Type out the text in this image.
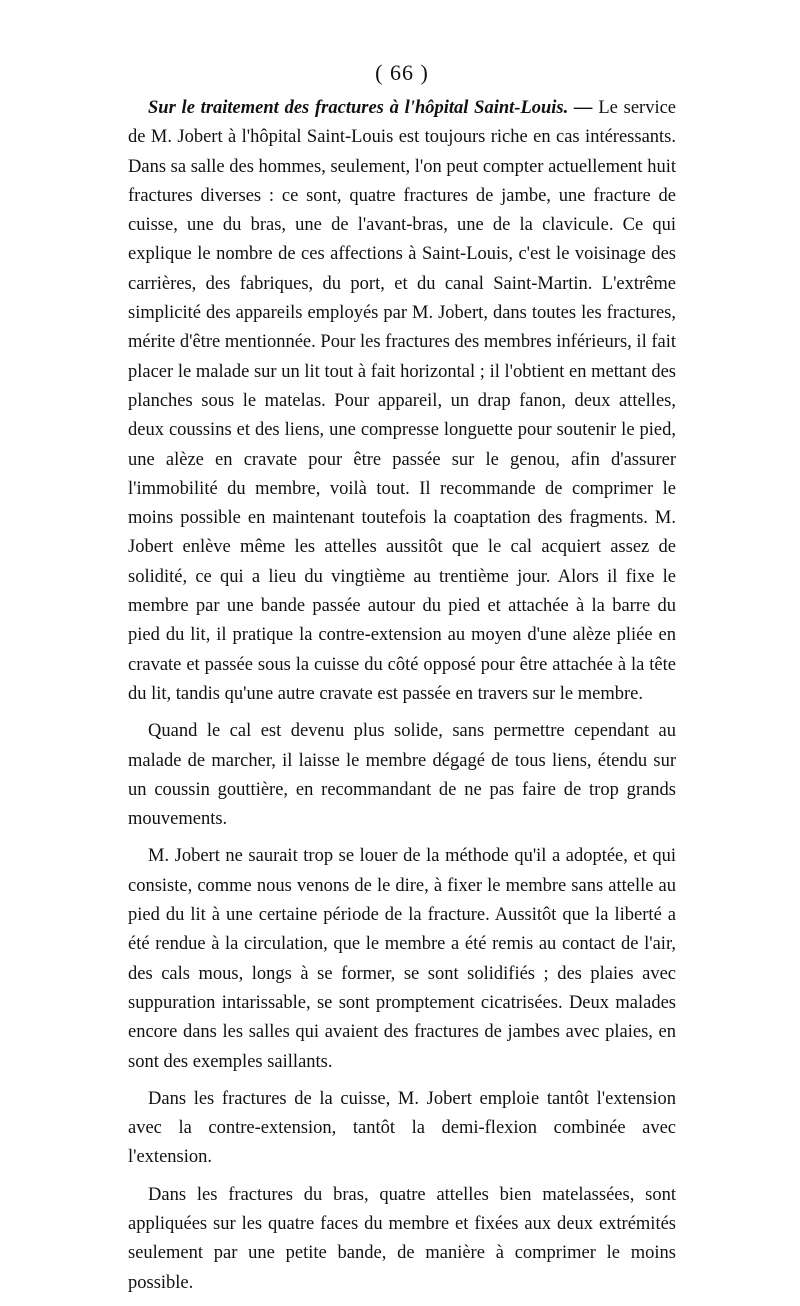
( 66 )

Sur le traitement des fractures à l'hôpital Saint-Louis. — Le service de M. Jobert à l'hôpital Saint-Louis est toujours riche en cas intéressants. Dans sa salle des hommes, seulement, l'on peut compter actuellement huit fractures diverses : ce sont, quatre fractures de jambe, une fracture de cuisse, une du bras, une de l'avant-bras, une de la clavicule. Ce qui explique le nombre de ces affections à Saint-Louis, c'est le voisinage des carrières, des fabriques, du port, et du canal Saint-Martin. L'extrême simplicité des appareils employés par M. Jobert, dans toutes les fractures, mérite d'être mentionnée. Pour les fractures des membres inférieurs, il fait placer le malade sur un lit tout à fait horizontal ; il l'obtient en mettant des planches sous le matelas. Pour appareil, un drap fanon, deux attelles, deux coussins et des liens, une compresse longuette pour soutenir le pied, une alèze en cravate pour être passée sur le genou, afin d'assurer l'immobilité du membre, voilà tout. Il recommande de comprimer le moins possible en maintenant toutefois la coaptation des fragments. M. Jobert enlève même les attelles aussitôt que le cal acquiert assez de solidité, ce qui a lieu du vingtième au trentième jour. Alors il fixe le membre par une bande passée autour du pied et attachée à la barre du pied du lit, il pratique la contre-extension au moyen d'une alèze pliée en cravate et passée sous la cuisse du côté opposé pour être attachée à la tête du lit, tandis qu'une autre cravate est passée en travers sur le membre.

Quand le cal est devenu plus solide, sans permettre cependant au malade de marcher, il laisse le membre dégagé de tous liens, étendu sur un coussin gouttière, en recommandant de ne pas faire de trop grands mouvements.

M. Jobert ne saurait trop se louer de la méthode qu'il a adoptée, et qui consiste, comme nous venons de le dire, à fixer le membre sans attelle au pied du lit à une certaine période de la fracture. Aussitôt que la liberté a été rendue à la circulation, que le membre a été remis au contact de l'air, des cals mous, longs à se former, se sont solidifiés ; des plaies avec suppuration intarissable, se sont promptement cicatrisées. Deux malades encore dans les salles qui avaient des fractures de jambes avec plaies, en sont des exemples saillants.

Dans les fractures de la cuisse, M. Jobert emploie tantôt l'extension avec la contre-extension, tantôt la demi-flexion combinée avec l'extension.

Dans les fractures du bras, quatre attelles bien matelassées, sont appliquées sur les quatre faces du membre et fixées aux deux extrémités seulement par une petite bande, de manière à comprimer le moins possible.
